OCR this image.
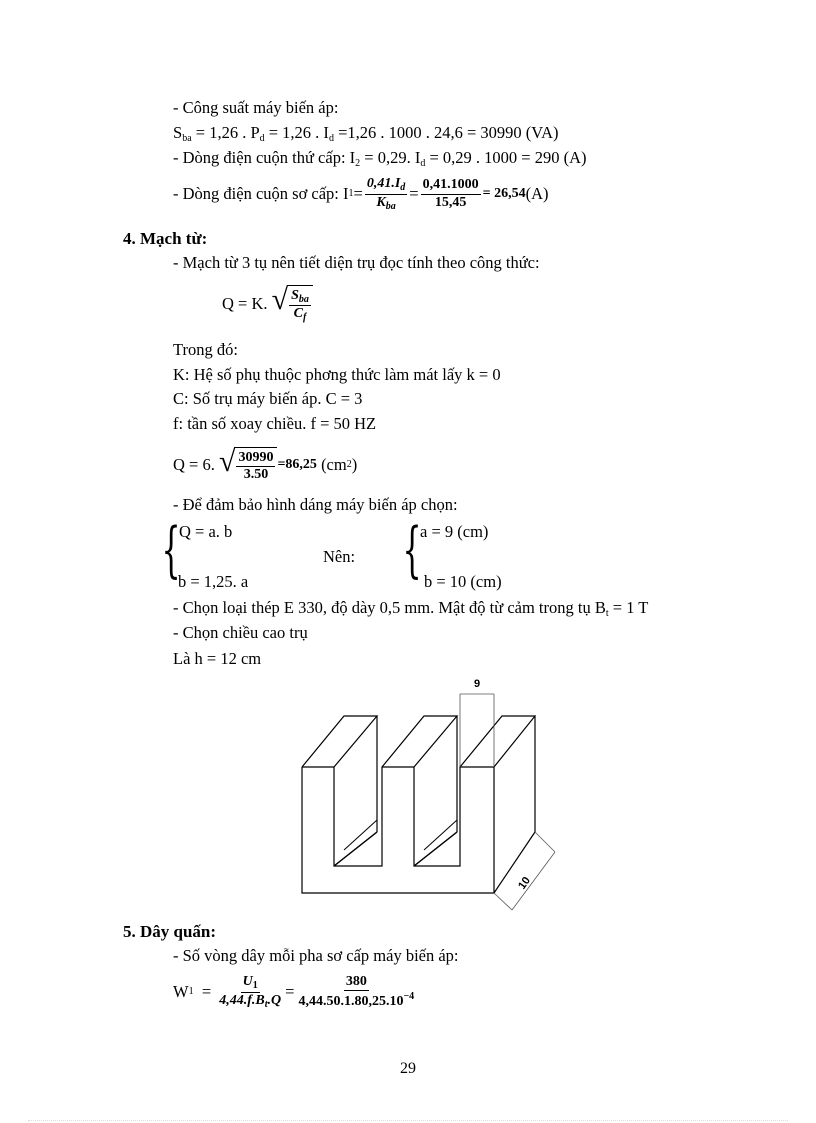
- Công suất máy biến áp:
$S_{ba} = 1,26$ . $P_d = 1,26$ . $I_d =1,26$ . 1000 . 24,6 = 30990 (VA)
- Dòng điện cuộn thứ cấp: $I_2 = 0,29$. $I_d = 0,29$ . 1000 = 290 (A)
- Dòng điện cuộn sơ cấp: I $1 = \frac{0,41.I_d}{K_{ba}} = \frac{0,41.1000}{15,45} = 26,54$ (A)
4. Mạch từ:
- Mạch từ 3 tụ nên tiết diện trụ đọc tính theo công thức:
Q = K.
√ $\frac{S_{ba}}{C_f}$
Trong đó:
K: Hệ số phụ thuộc phơng thức làm mát lấy k = 0
C: Số trụ máy biến áp. C = 3
f: tần số xoay chiều. f = 50 HZ
Q = 6.
√ $\frac{30990}{3.50} =86,25$
(cm 2 )
- Để đảm bảo hình dáng máy biến áp chọn:
{
Q = a. b
b = 1,25. a
Nên: {
a = 9 (cm)
b = 10 (cm)
- Chọn loại thép E 330, độ dày 0,5 mm. Mật độ từ cảm trong tụ $B_t = 1$ T
- Chọn chiều cao trụ
Là h = 12 cm
9
10
5. Dây quấn:
- Số vòng dây mỗi pha sơ cấp máy biến áp:
W $1 = \frac{U_1}{4,44.f.B_t.Q} = \frac{380}{4,44.50.1.80,25.10^{-4}}$
29
